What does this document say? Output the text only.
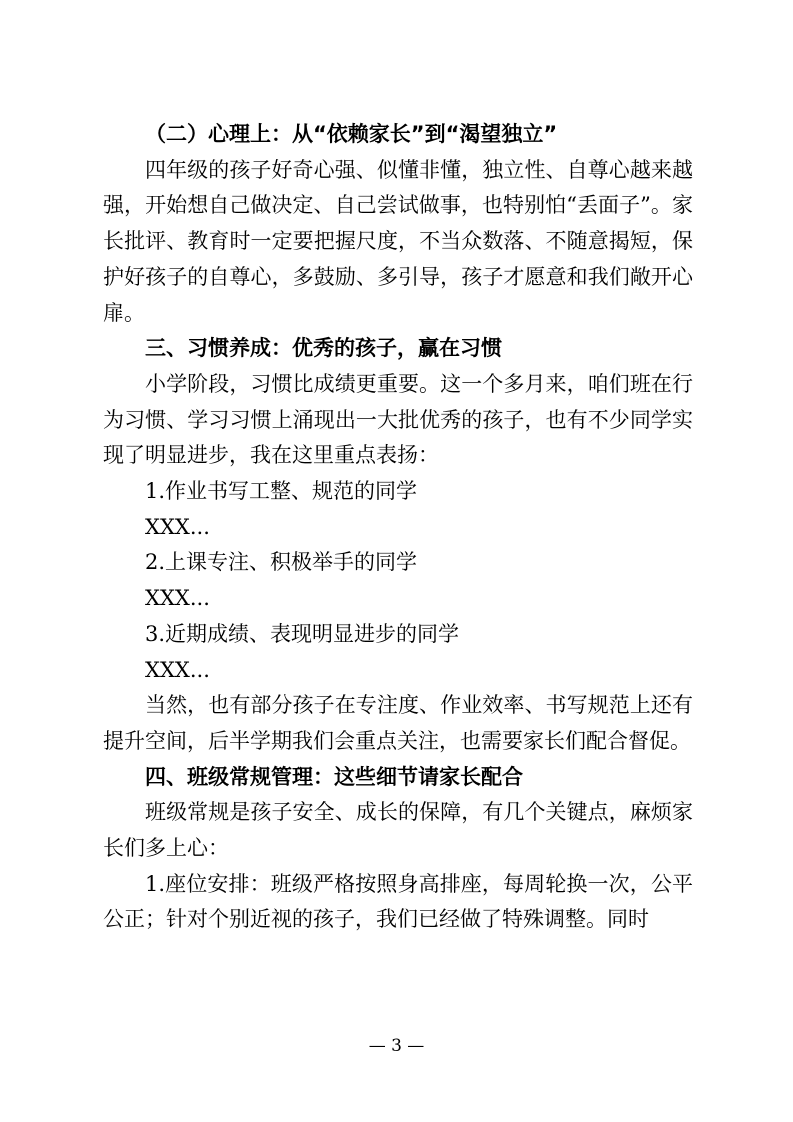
（二）心理上：从“依赖家长”到“渴望独立”

四年级的孩子好奇心强、似懂非懂，独立性、自尊心越来越强，开始想自己做决定、自己尝试做事，也特别怕“丢面子”。家长批评、教育时一定要把握尺度，不当众数落、不随意揭短，保护好孩子的自尊心，多鼓励、多引导，孩子才愿意和我们敞开心扉。

三、习惯养成：优秀的孩子，赢在习惯

小学阶段，习惯比成绩更重要。这一个多月来，咱们班在行为习惯、学习习惯上涌现出一大批优秀的孩子，也有不少同学实现了明显进步，我在这里重点表扬：

1.作业书写工整、规范的同学

XXX...

2.上课专注、积极举手的同学

XXX...

3.近期成绩、表现明显进步的同学

XXX...

当然，也有部分孩子在专注度、作业效率、书写规范上还有提升空间，后半学期我们会重点关注，也需要家长们配合督促。

四、班级常规管理：这些细节请家长配合

班级常规是孩子安全、成长的保障，有几个关键点，麻烦家长们多上心：

1.座位安排：班级严格按照身高排座，每周轮换一次，公平公正；针对个别近视的孩子，我们已经做了特殊调整。同时

— 3 —
